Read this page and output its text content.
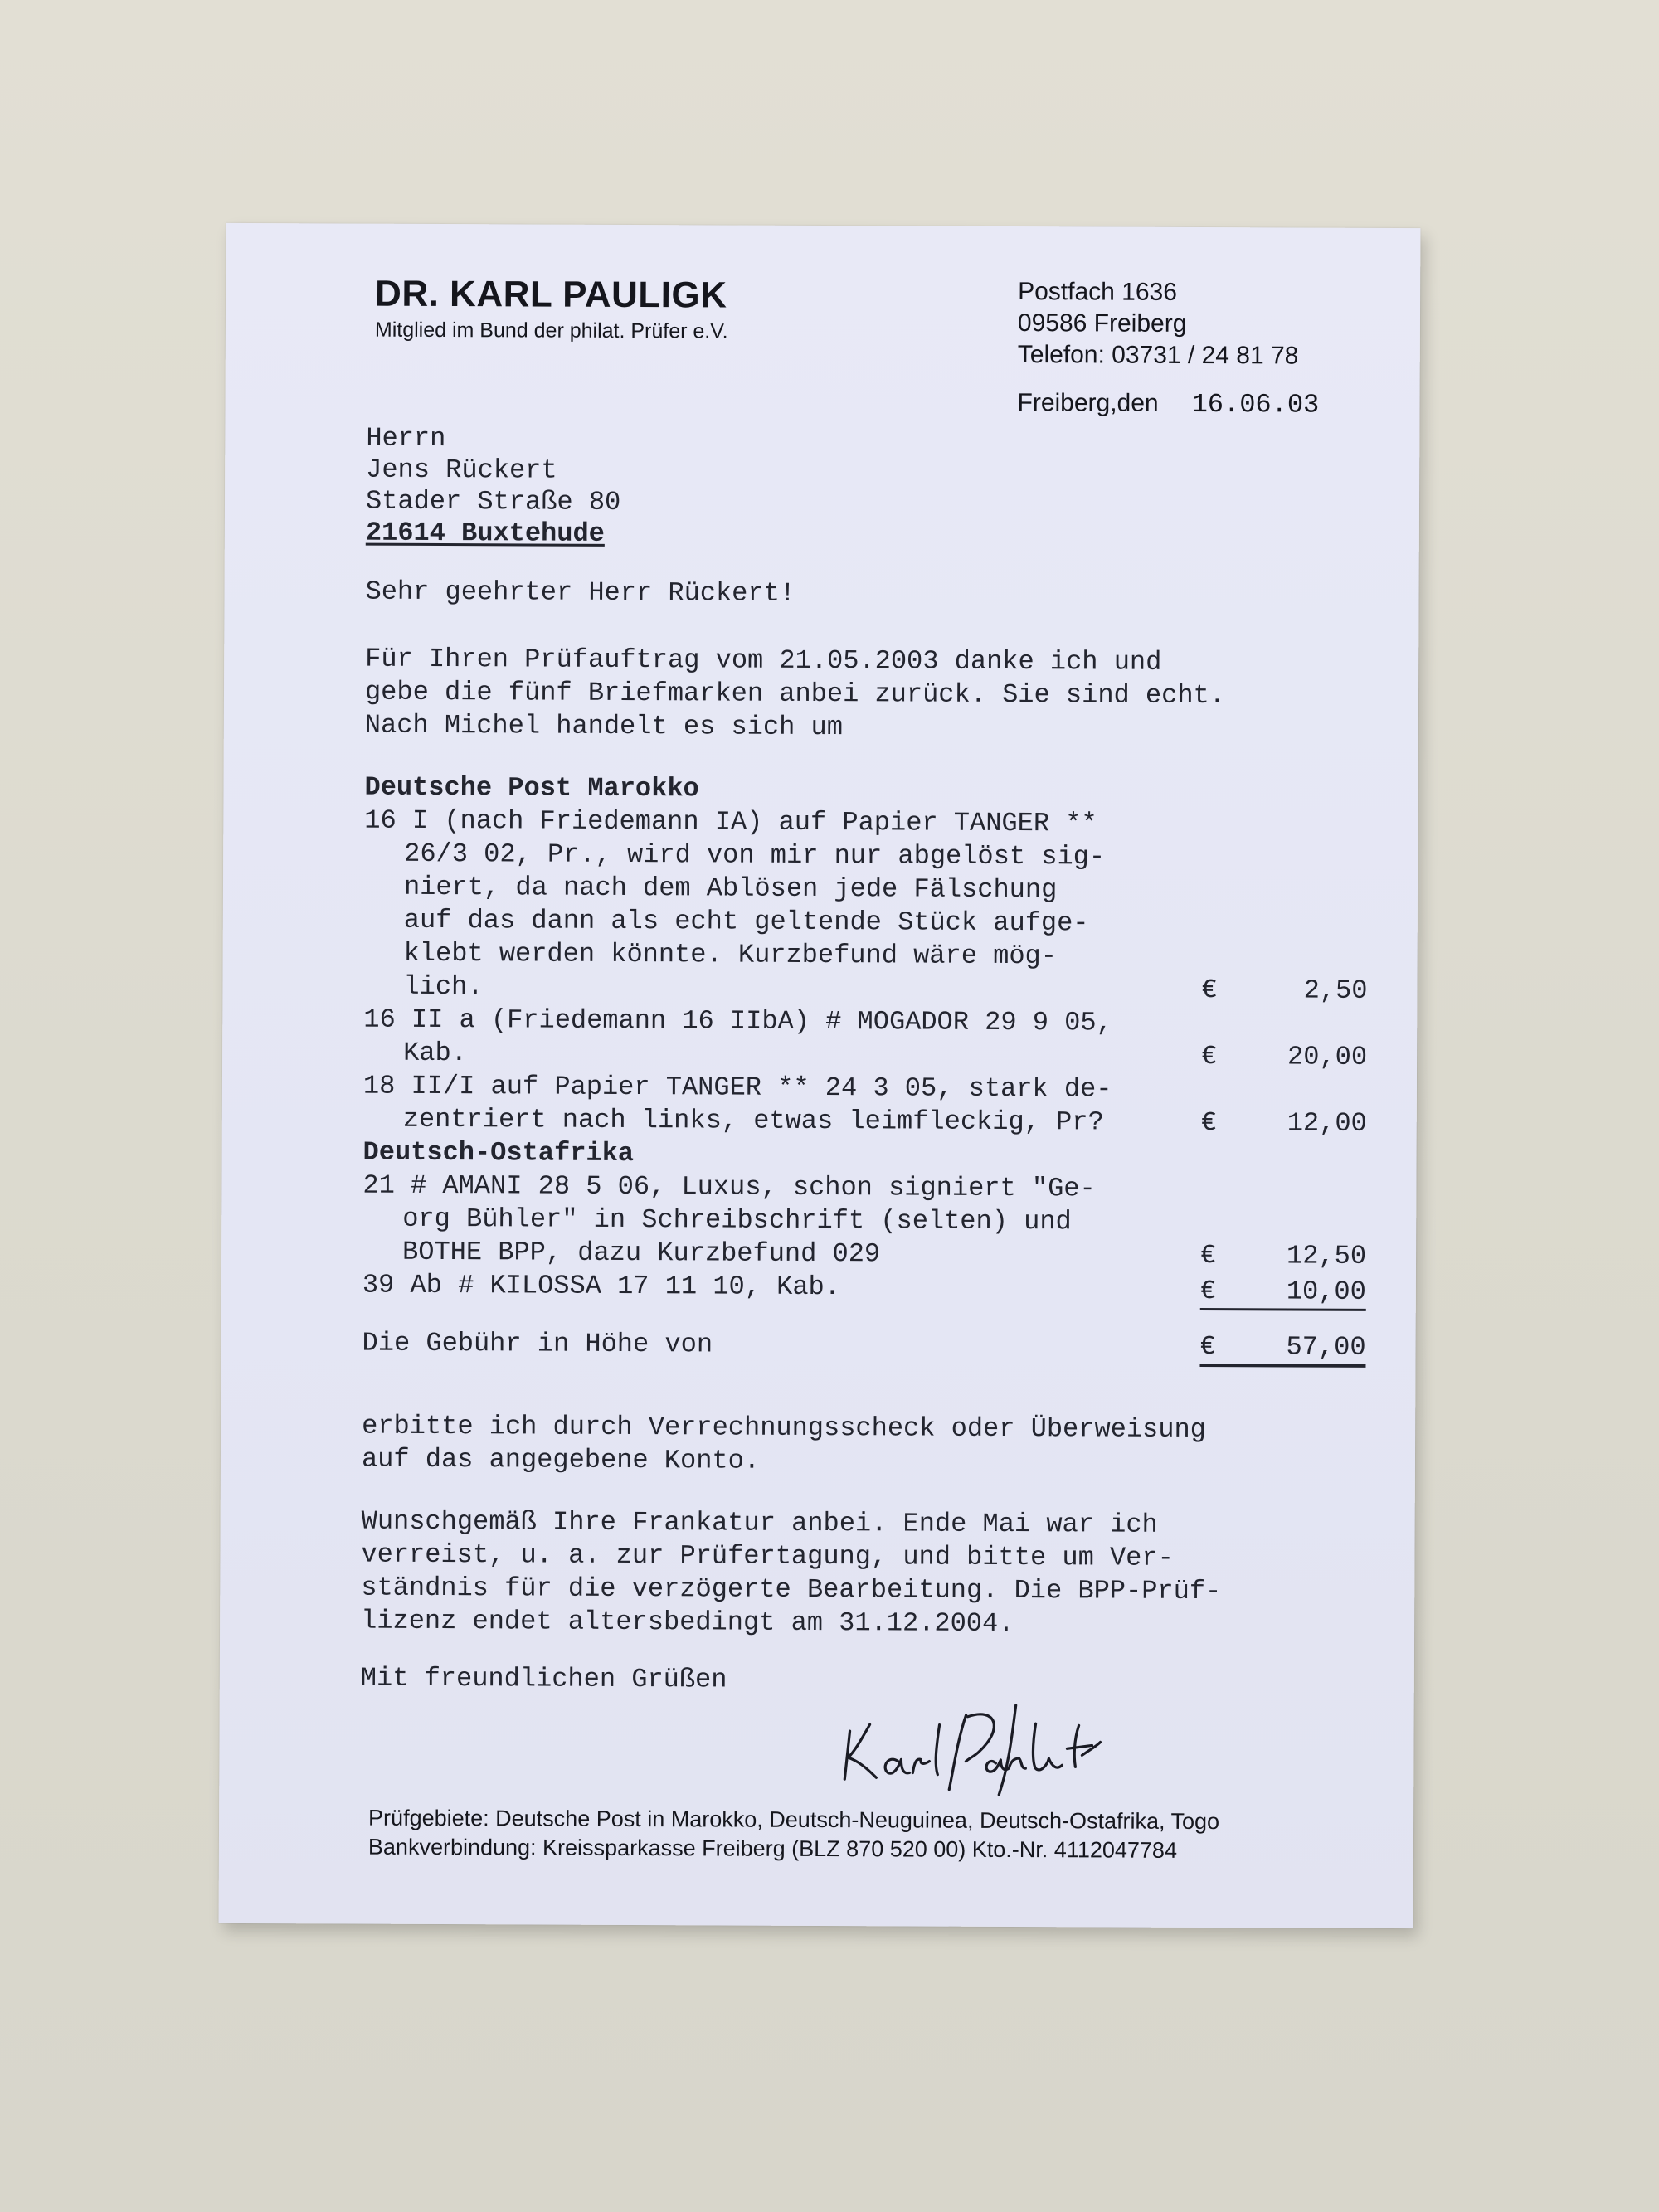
DR. KARL PAULIGK
Mitglied im Bund der philat. Prüfer e.V.
Postfach 1636
09586 Freiberg
Telefon: 03731 / 24 81 78
Freiberg,den 16.06.03
Herrn
Jens Rückert
Stader Straße 80
21614 Buxtehude
Sehr geehrter Herr Rückert!
Für Ihren Prüfauftrag vom 21.05.2003 danke ich und
gebe die fünf Briefmarken anbei zurück. Sie sind echt.
Nach Michel handelt es sich um
Deutsche Post Marokko
16 I (nach Friedemann IA) auf Papier TANGER **
26/3 02, Pr., wird von mir nur abgelöst sig-
niert, da nach dem Ablösen jede Fälschung
auf das dann als echt geltende Stück aufge-
klebt werden könnte. Kurzbefund wäre mög-
lich.	€	2,50
16 II a (Friedemann 16 IIbA) # MOGADOR 29 9 05,
Kab.	€	20,00
18 II/I auf Papier TANGER ** 24 3 05, stark de-
zentriert nach links, etwas leimfleckig, Pr?	€	12,00
Deutsch-Ostafrika
21 # AMANI 28 5 06, Luxus, schon signiert "Ge-
org Bühler" in Schreibschrift (selten) und
BOTHE BPP, dazu Kurzbefund 029	€	12,50
39 Ab # KILOSSA 17 11 10, Kab.	€	10,00
Die Gebühr in Höhe von	€	57,00
erbitte ich durch Verrechnungsscheck oder Überweisung
auf das angegebene Konto.
Wunschgemäß Ihre Frankatur anbei. Ende Mai war ich
verreist, u. a. zur Prüfertagung, und bitte um Ver-
ständnis für die verzögerte Bearbeitung. Die BPP-Prüf-
lizenz endet altersbedingt am 31.12.2004.
Mit freundlichen Grüßen
Prüfgebiete: Deutsche Post in Marokko, Deutsch-Neuguinea, Deutsch-Ostafrika, Togo
Bankverbindung: Kreissparkasse Freiberg (BLZ 870 520 00) Kto.-Nr. 4112047784
